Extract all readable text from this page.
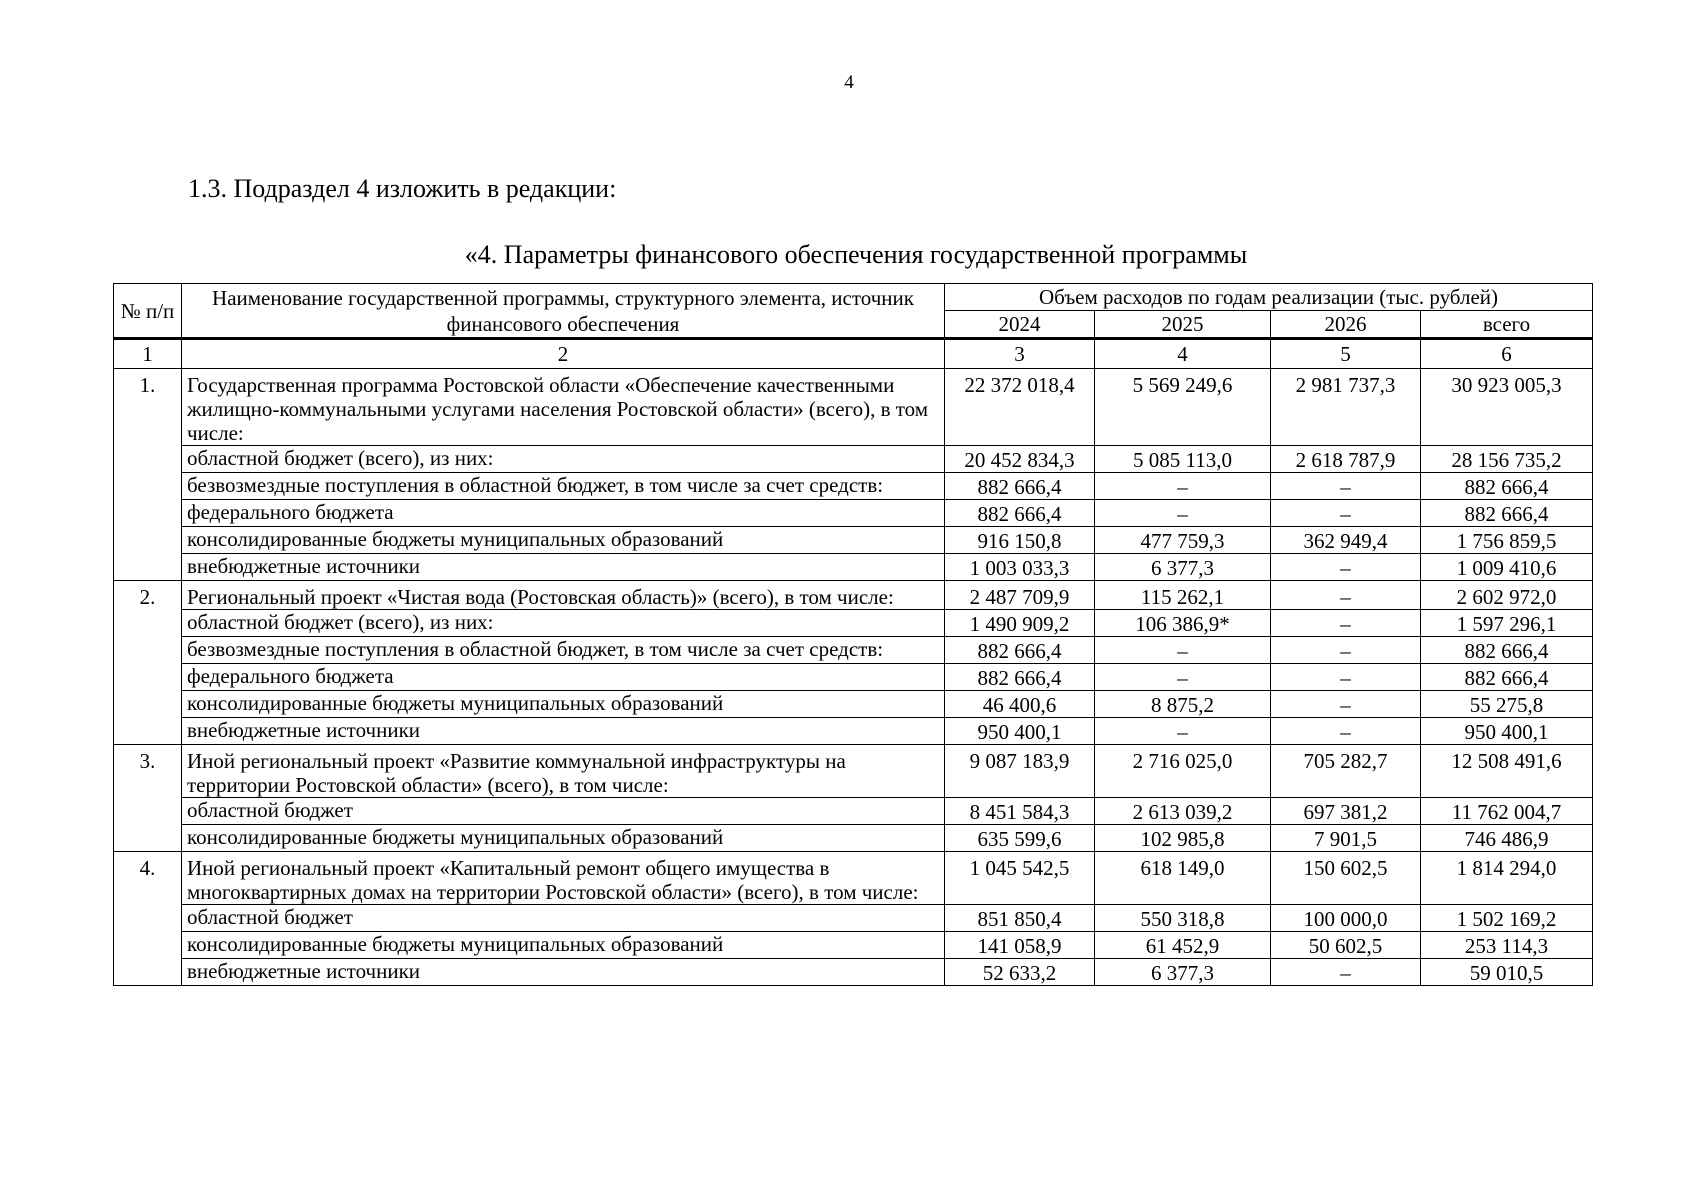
4
1.3. Подраздел 4 изложить в редакции:
«4. Параметры финансового обеспечения государственной программы
№ п/п	Наименование государственной программы, структурного элемента, источник финансового обеспечения	Объем расходов по годам реализации (тыс. рублей)			
		2024	2025	2026	всего
1	2	3	4	5	6
1.	Государственная программа Ростовской области «Обеспечение качественными жилищно-коммунальными услугами населения Ростовской области» (всего), в том числе:	22 372 018,4	5 569 249,6	2 981 737,3	30 923 005,3
	областной бюджет (всего), из них:	20 452 834,3	5 085 113,0	2 618 787,9	28 156 735,2
	безвозмездные поступления в областной бюджет, в том числе за счет средств:	882 666,4	–	–	882 666,4
	федерального бюджета	882 666,4	–	–	882 666,4
	консолидированные бюджеты муниципальных образований	916 150,8	477 759,3	362 949,4	1 756 859,5
	внебюджетные источники	1 003 033,3	6 377,3	–	1 009 410,6
2.	Региональный проект «Чистая вода (Ростовская область)» (всего), в том числе:	2 487 709,9	115 262,1	–	2 602 972,0
	областной бюджет (всего), из них:	1 490 909,2	106 386,9*	–	1 597 296,1
	безвозмездные поступления в областной бюджет, в том числе за счет средств:	882 666,4	–	–	882 666,4
	федерального бюджета	882 666,4	–	–	882 666,4
	консолидированные бюджеты муниципальных образований	46 400,6	8 875,2	–	55 275,8
	внебюджетные источники	950 400,1	–	–	950 400,1
3.	Иной региональный проект «Развитие коммунальной инфраструктуры на территории Ростовской области» (всего), в том числе:	9 087 183,9	2 716 025,0	705 282,7	12 508 491,6
	областной бюджет	8 451 584,3	2 613 039,2	697 381,2	11 762 004,7
	консолидированные бюджеты муниципальных образований	635 599,6	102 985,8	7 901,5	746 486,9
4.	Иной региональный проект «Капитальный ремонт общего имущества в многоквартирных домах на территории Ростовской области» (всего), в том числе:	1 045 542,5	618 149,0	150 602,5	1 814 294,0
	областной бюджет	851 850,4	550 318,8	100 000,0	1 502 169,2
	консолидированные бюджеты муниципальных образований	141 058,9	61 452,9	50 602,5	253 114,3
	внебюджетные источники	52 633,2	6 377,3	–	59 010,5
